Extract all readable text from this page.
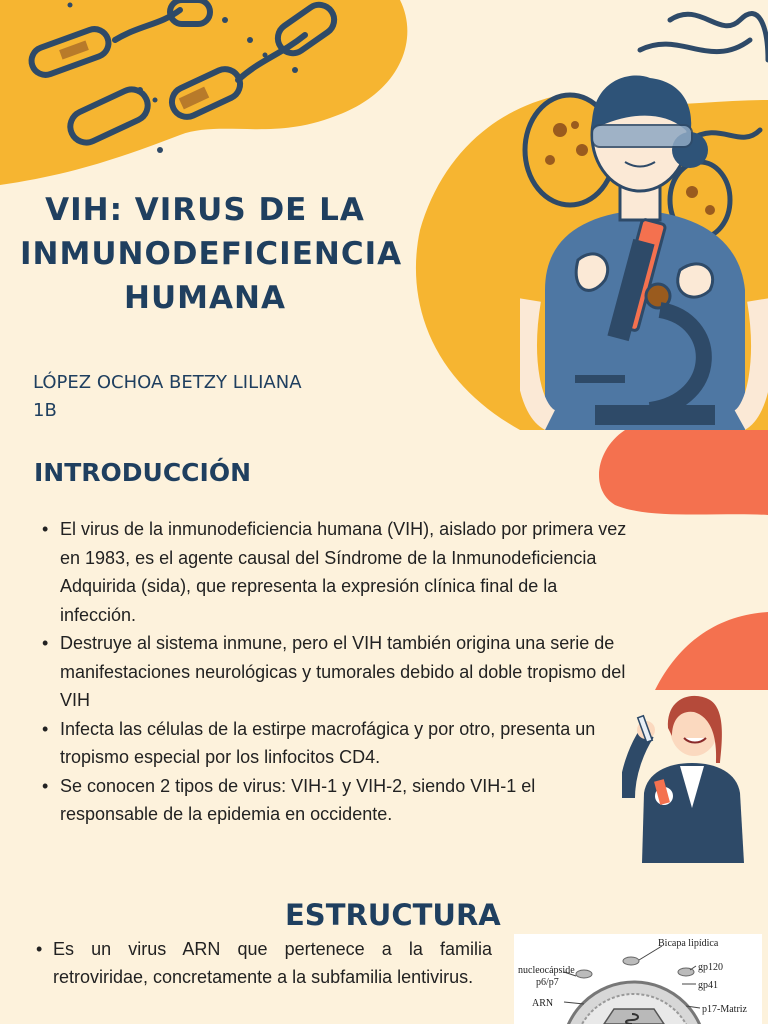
VIH: VIRUS DE LA
INMUNODEFICIENCIA
HUMANA
LÓPEZ OCHOA BETZY LILIANA
1B
INTRODUCCIÓN
• El virus de la inmunodeficiencia humana (VIH), aislado por primera vez en 1983, es el agente causal del Síndrome de la Inmunodeficiencia Adquirida (sida), que representa la expresión clínica final de la infección.
• Destruye al sistema inmune, pero el VIH también origina una serie de manifestaciones neurológicas y tumorales debido al doble tropismo del VIH
• Infecta las células de la estirpe macrofágica y por otro, presenta un tropismo especial por los linfocitos CD4.
• Se conocen 2 tipos de virus: VIH-1 y VIH-2, siendo VIH-1 el responsable de la epidemia en occidente.
ESTRUCTURA
• Es un virus ARN que pertenece a la familia retroviridae, concretamente a la subfamilia lentivirus.
Bicapa lipídica
nucleocápside
p6/p7
gp120
gp41
ARN
p17-Matriz
